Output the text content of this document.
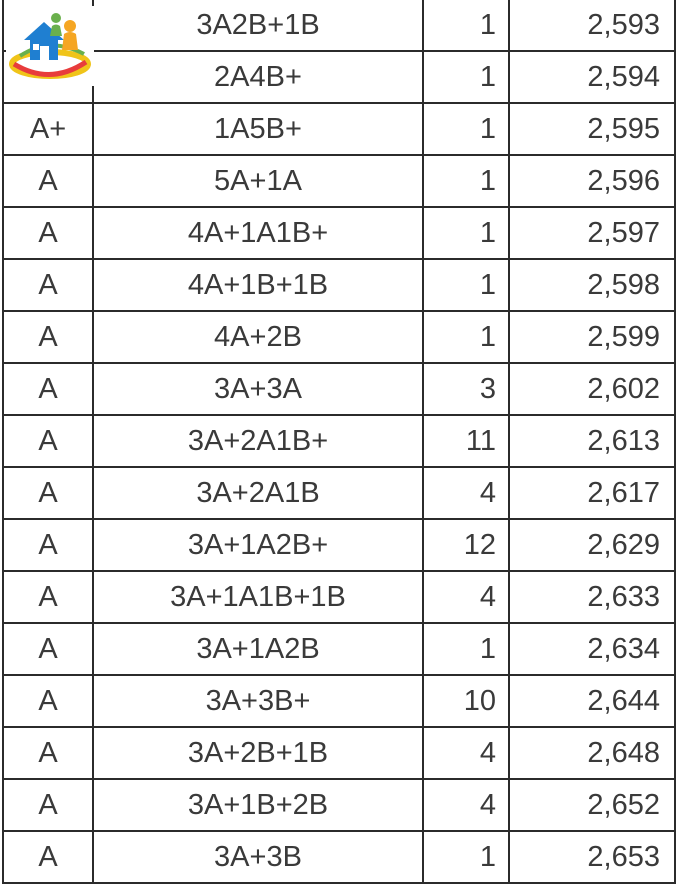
	3A2B+1B	1	2,593
	2A4B+	1	2,594
A+	1A5B+	1	2,595
A	5A+1A	1	2,596
A	4A+1A1B+	1	2,597
A	4A+1B+1B	1	2,598
A	4A+2B	1	2,599
A	3A+3A	3	2,602
A	3A+2A1B+	11	2,613
A	3A+2A1B	4	2,617
A	3A+1A2B+	12	2,629
A	3A+1A1B+1B	4	2,633
A	3A+1A2B	1	2,634
A	3A+3B+	10	2,644
A	3A+2B+1B	4	2,648
A	3A+1B+2B	4	2,652
A	3A+3B	1	2,653
